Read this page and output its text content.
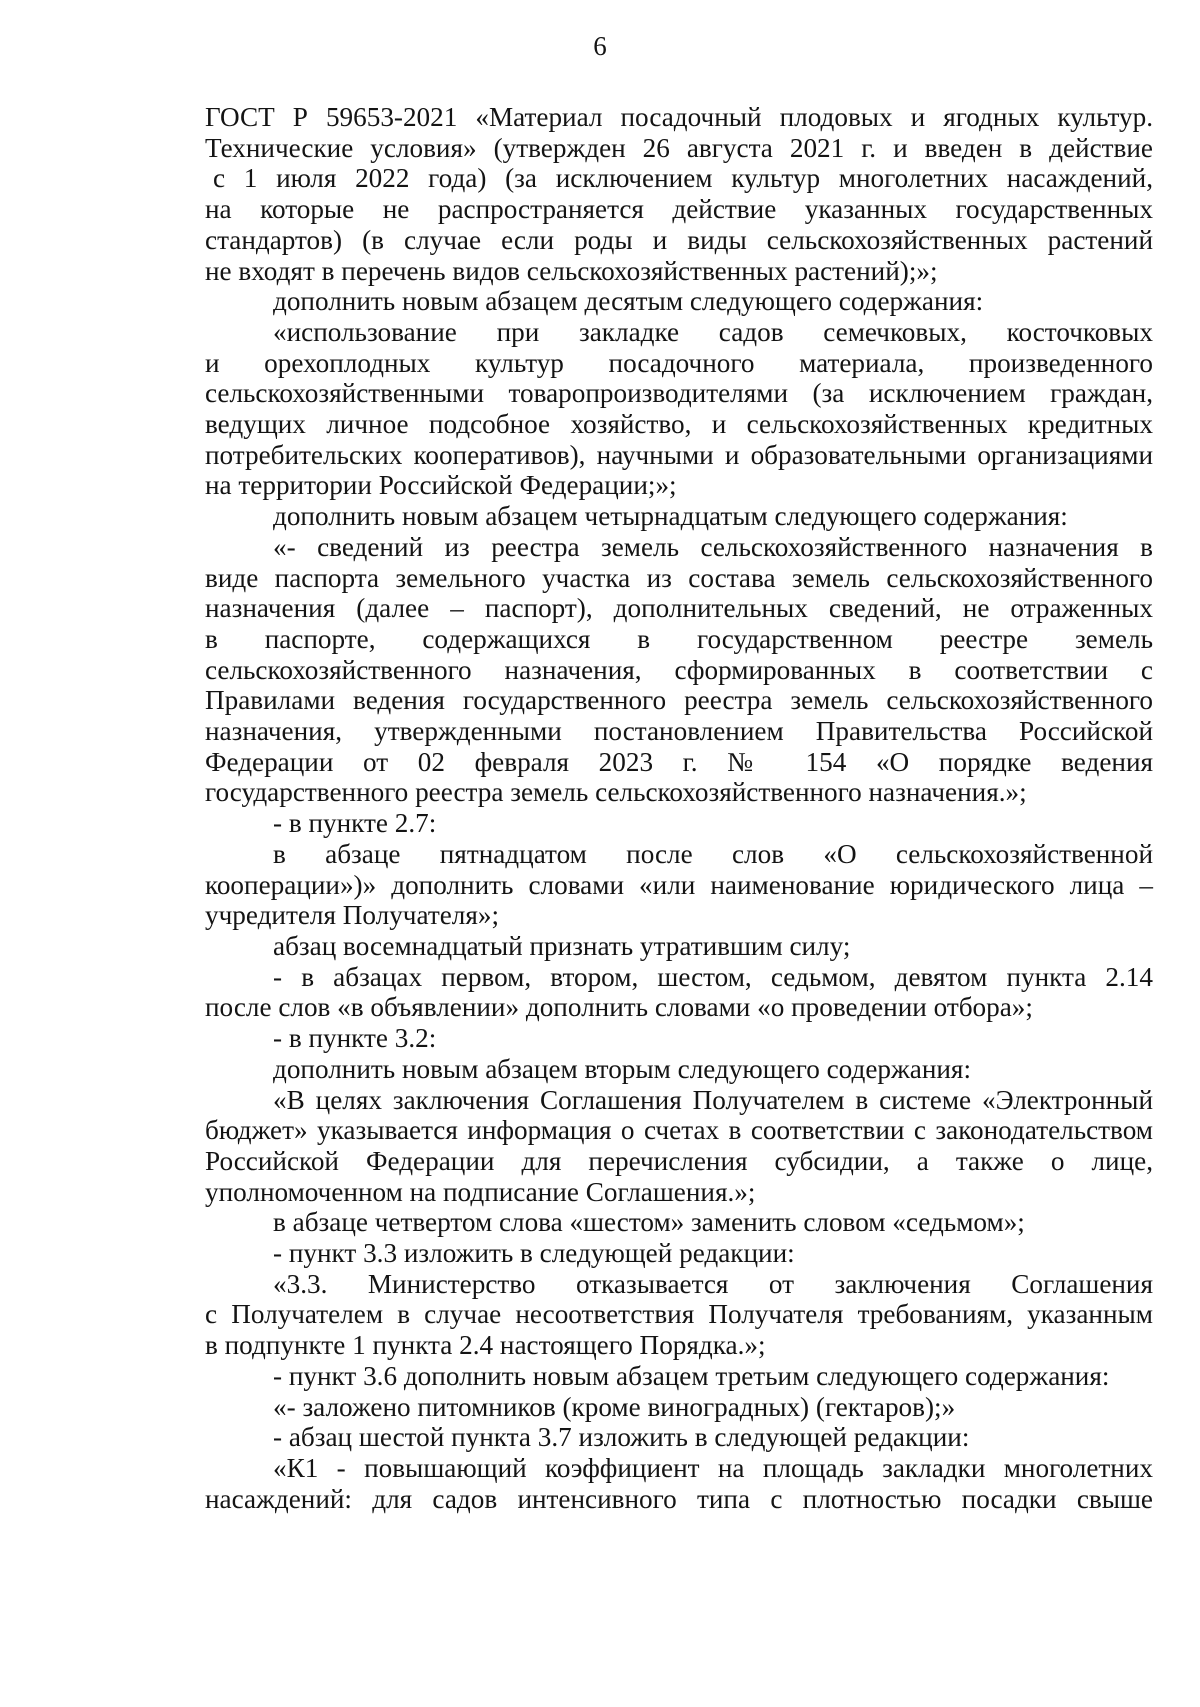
6
ГОСТ Р 59653-2021 «Материал посадочный плодовых и ягодных культур.
Технические условия» (утвержден 26 августа 2021 г. и введен в действие
с 1 июля 2022 года) (за исключением культур многолетних насаждений,
на которые не распространяется действие указанных государственных
стандартов) (в случае если роды и виды сельскохозяйственных растений
не входят в перечень видов сельскохозяйственных растений);»;
дополнить новым абзацем десятым следующего содержания:
«использование при закладке садов семечковых, косточковых
и орехоплодных культур посадочного материала, произведенного
сельскохозяйственными товаропроизводителями (за исключением граждан,
ведущих личное подсобное хозяйство, и сельскохозяйственных кредитных
потребительских кооперативов), научными и образовательными организациями
на территории Российской Федерации;»;
дополнить новым абзацем четырнадцатым следующего содержания:
«- сведений из реестра земель сельскохозяйственного назначения в
виде паспорта земельного участка из состава земель сельскохозяйственного
назначения (далее – паспорт), дополнительных сведений, не отраженных
в паспорте, содержащихся в государственном реестре земель
сельскохозяйственного назначения, сформированных в соответствии с
Правилами ведения государственного реестра земель сельскохозяйственного
назначения, утвержденными постановлением Правительства Российской
Федерации от 02 февраля 2023 г. № 154 «О порядке ведения
государственного реестра земель сельскохозяйственного назначения.»;
- в пункте 2.7:
в абзаце пятнадцатом после слов «О сельскохозяйственной
кооперации»)» дополнить словами «или наименование юридического лица –
учредителя Получателя»;
абзац восемнадцатый признать утратившим силу;
- в абзацах первом, втором, шестом, седьмом, девятом пункта 2.14
после слов «в объявлении» дополнить словами «о проведении отбора»;
- в пункте 3.2:
дополнить новым абзацем вторым следующего содержания:
«В целях заключения Соглашения Получателем в системе «Электронный
бюджет» указывается информация о счетах в соответствии с законодательством
Российской Федерации для перечисления субсидии, а также о лице,
уполномоченном на подписание Соглашения.»;
в абзаце четвертом слова «шестом» заменить словом «седьмом»;
- пункт 3.3 изложить в следующей редакции:
«3.3. Министерство отказывается от заключения Соглашения
с Получателем в случае несоответствия Получателя требованиям, указанным
в подпункте 1 пункта 2.4 настоящего Порядка.»;
- пункт 3.6 дополнить новым абзацем третьим следующего содержания:
«- заложено питомников (кроме виноградных) (гектаров);»
- абзац шестой пункта 3.7 изложить в следующей редакции:
«К1 - повышающий коэффициент на площадь закладки многолетних
насаждений: для садов интенсивного типа с плотностью посадки свыше
